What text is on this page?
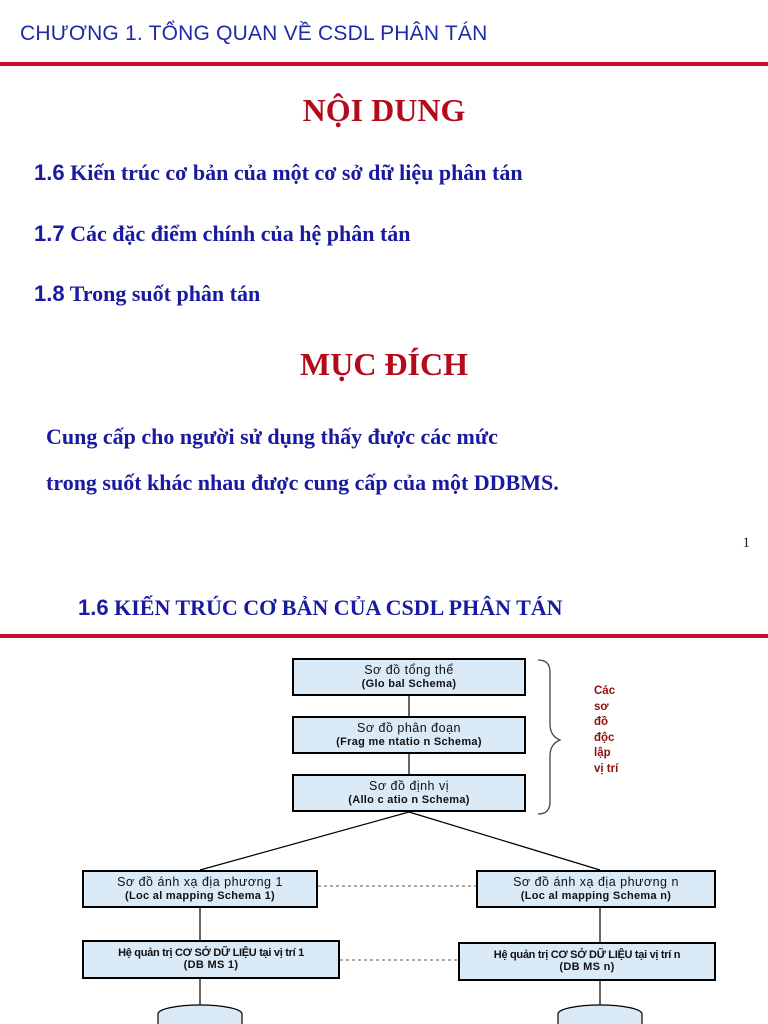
CHƯƠNG 1. TỔNG QUAN VỀ CSDL PHÂN TÁN
NỘI DUNG
1.6 Kiến trúc cơ bản của một cơ sở dữ liệu phân tán
1.7 Các đặc điểm chính của hệ phân tán
1.8 Trong suốt phân tán
MỤC ĐÍCH
Cung cấp cho người sử dụng thấy được các mức
trong suốt khác nhau được cung cấp của một DDBMS.
1
1.6 KIẾN TRÚC CƠ BẢN CỦA CSDL PHÂN TÁN
Sơ đồ tổng thể
(Glo bal Schema)
Sơ đồ phân đoạn
(Frag me ntatio n Schema)
Sơ đồ định vị
(Allo c atio n Schema)
Các
sơ
đồ
độc
lập
vị trí
Sơ đồ ánh xạ địa phương 1
(Loc al mapping Schema 1)
Sơ đồ ánh xạ địa phương n
(Loc al mapping Schema n)
Hệ quản trị CƠ SỞ DỮ LIỆU tại vị trí 1
(DB MS 1)
Hệ quản trị CƠ SỞ DỮ LIỆU tại vị trí n
(DB MS n)
